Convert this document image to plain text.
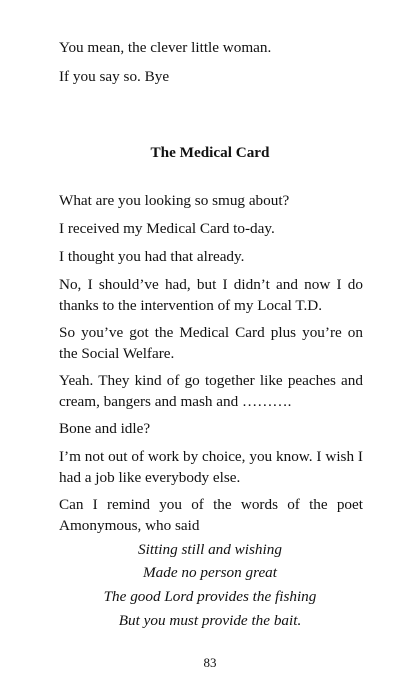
You mean, the clever little woman.

If you say so. Bye

The Medical Card

What are you looking so smug about?

I received my Medical Card to-day.

I thought you had that already.

No, I should’ve had, but I didn’t and now I do thanks to the intervention of my Local T.D.

So you’ve got the Medical Card plus you’re on the Social Welfare.

Yeah. They kind of go together like peaches and cream, bangers and mash and ……….

Bone and idle?

I’m not out of work by choice, you know. I wish I had a job like everybody else.

Can I remind you of the words of the poet Amonymous, who said

Sitting still and wishing

Made no person great

The good Lord provides the fishing

But you must provide the bait.

83
